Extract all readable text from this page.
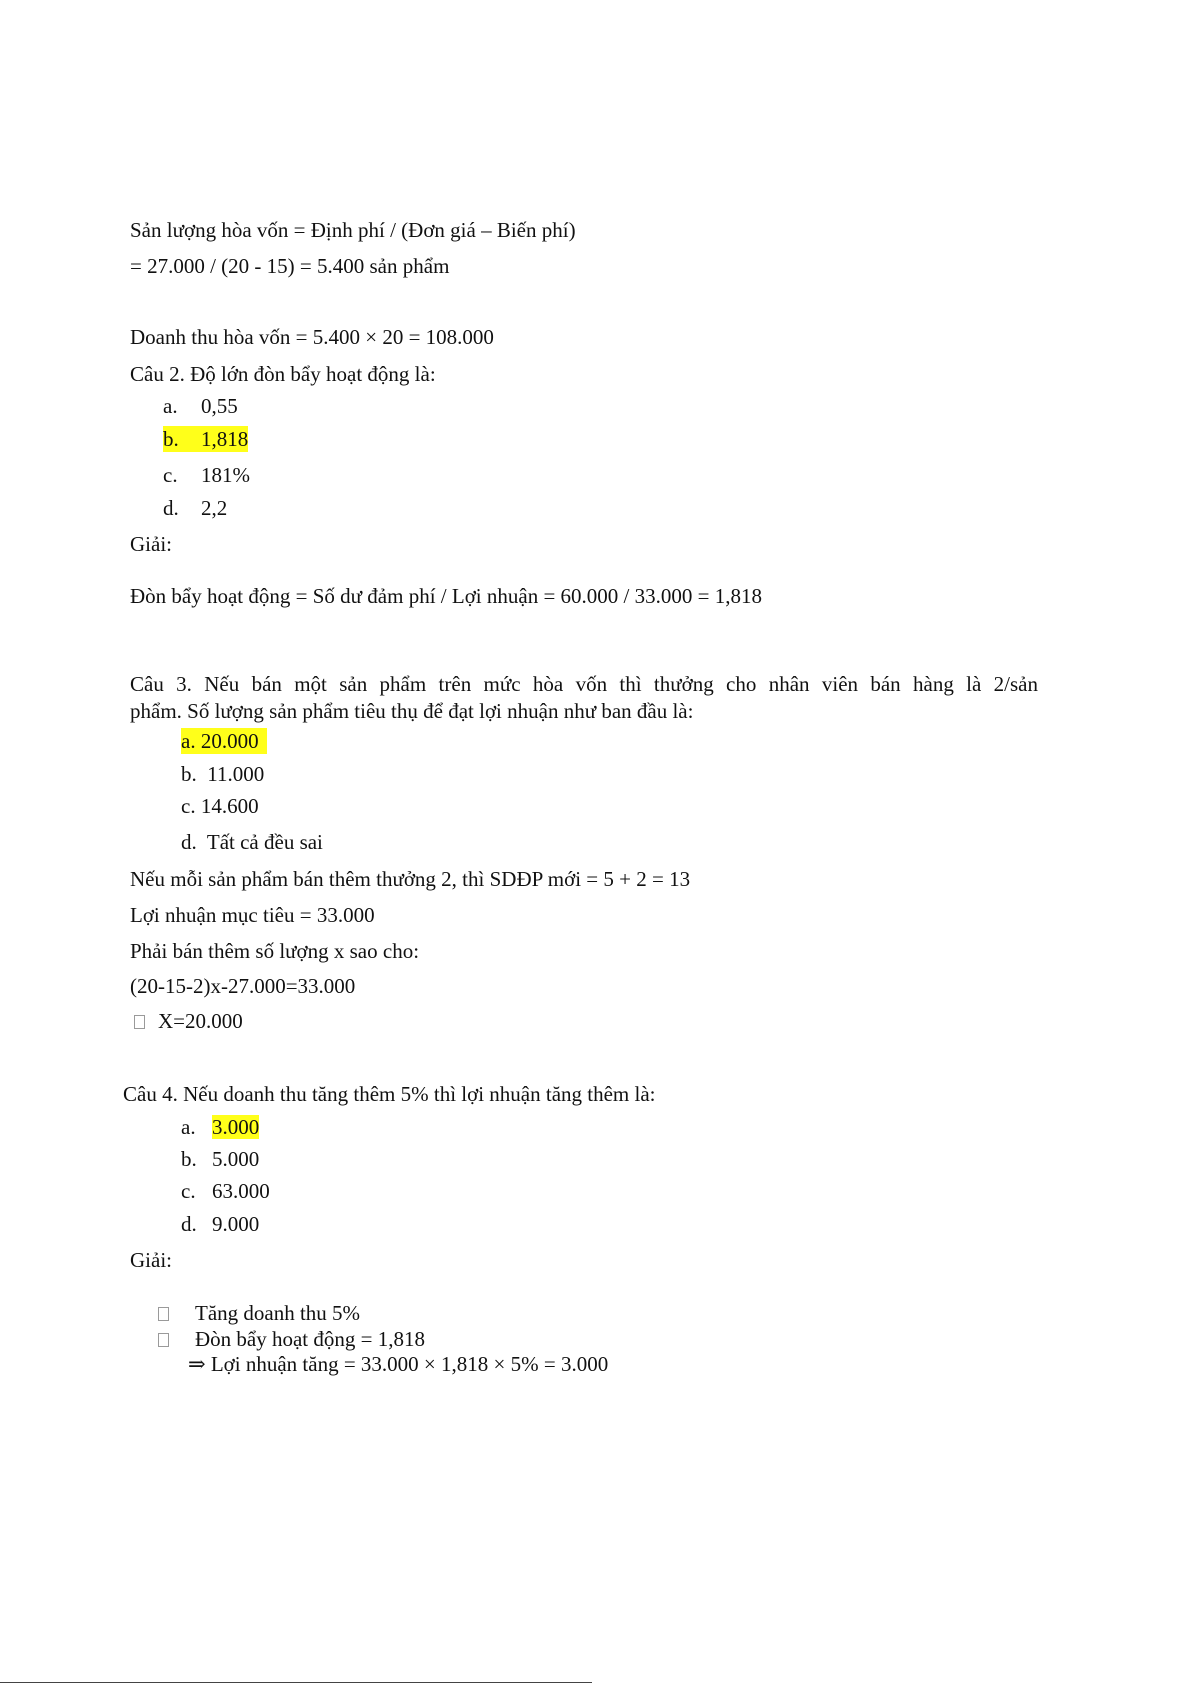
Sản lượng hòa vốn = Định phí / (Đơn giá – Biến phí)
= 27.000 / (20 - 15) = 5.400 sản phẩm
Doanh thu hòa vốn = 5.400 × 20 = 108.000
Câu 2. Độ lớn đòn bẩy hoạt động là:
a. 0,55
b. 1,818
c. 181%
d. 2,2
Giải:
Đòn bẩy hoạt động = Số dư đảm phí / Lợi nhuận = 60.000 / 33.000 = 1,818
Câu 3. Nếu bán một sản phẩm trên mức hòa vốn thì thưởng cho nhân viên bán hàng là 2/sản
phẩm. Số lượng sản phẩm tiêu thụ để đạt lợi nhuận như ban đầu là:
a. 20.000
b.  11.000
c. 14.600
d.  Tất cả đều sai
Nếu mỗi sản phẩm bán thêm thưởng 2, thì SDĐP mới = 5 + 2 = 13
Lợi nhuận mục tiêu = 33.000
Phải bán thêm số lượng x sao cho:
(20-15-2)x-27.000=33.000
X=20.000
Câu 4. Nếu doanh thu tăng thêm 5% thì lợi nhuận tăng thêm là:
a. 3.000
b. 5.000
c. 63.000
d. 9.000
Giải:
Tăng doanh thu 5%
Đòn bẩy hoạt động = 1,818
⇒ Lợi nhuận tăng = 33.000 × 1,818 × 5% = 3.000
